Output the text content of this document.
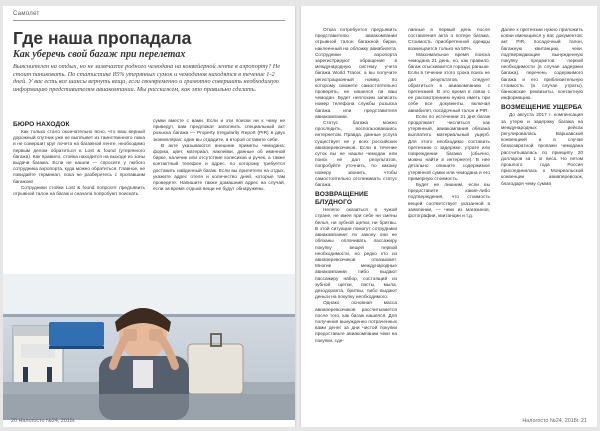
Самолет
Где наша пропадала
Как уберечь свой багаж при перелетах

Выяснителен на отдых, но не замечаете родного чемодана на конвейерной ленте в аэропорту? Не стоит паниковать. По статистике 85% утерянных сумок и чемоданов находятся в течение 1-2 дней. У вас есть все шансы вернуть вещи, если своевременно и грамотно совершить необходимую информацию представителям авиакомпании. Мы расскажем, как это правильно сделать.

БЮРО НАХОДОК

Как только стало окончательно ясно, что ваш верный дорожный спутник уже не выплывет из таинственного люка и не совершит круг почета на багажной ленте, необходимо первым делом обратиться в Lost & found (утерянного багажа). Как правило, стойка находится на выходе из зоны выдачи багажа. Если не нашли — спросите у любого сотрудника аэропорта, куда можно обратиться. Главное, не покидайте терминал, пока не разберетесь с пропавшим багажом!

Сотрудники стойки Lost & found попросят предъявить отрывной талон на багаж и сначала попробуют поискать

сумки вместе с вами. Если и эти поиски ни к чему не приведут, вам предложат заполнить специальный акт розыска багажа — Property Irregularity Report (PIR) в двух экземплярах: один вы отдадите, а второй оставите себе.

В акте указываются внешние приметы чемодана: форма, цвет, материал, наклейки, данные об именной бирке, наличие или отсутствие колесиков и ручек, а также контактный телефон и адрес, по которому требуется доставить найденный багаж. Если вы прилетели на отдых, укажите адрес отеля и количество дней, которые там проведете. Напишите также домашний адрес на случай, если за время отдыха вещи не будут обнаружены.

20 Налогосто №24, 2018г.

Отказ потребуется предъявить представителю авиакомпании отрывной талон багажной бирки, наклеенный на обложку авиабилета. Сотрудники аэропорта зарегистрируют обращение в международную систему учета багажа World Tracer, а вы получите регистрационный номер, по которому сможете самостоятельно проверять, не нашелся ли ваш чемодан. Будет неплохим записать номер телефона службы розыска багажа или представителя авиакомпании.

Статус багажа можно проследить, воспользовавшись интернетом. Правда, данные услуга существует не у всех российских авиаперевозчиков. Если в течение суток вы не нашли чемодан или поиск не дал результатов, попробуйте уточнить, по какому номеру звонить, чтобы самостоятельно отслеживать статус багажа.

ВОЗВРАЩЕНИЕ БЛУДНОГО

Нелепо оказаться в чужой стране, не имея при себе ни смены белья, ни зубной щетки, ни бритвы. В этой ситуации помогут сотрудники авиакомпании: по закону они не обязаны оплачивать пассажиру покупку вещей первой необходимости, но редко кто из авиаперевозчиков отказывает. Многие международные авиакомпании либо выдают пассажиру набор, состоящий из зубной щетки, пасты, мыла, дезодоранта, бритвы, либо выдают деньги на покупку необходимого.

Однако основная масса авиаперевозчиков рассчитывается после того, как багаж нашелся. Для получения вынужденно потраченных вами денег за дни чистой покупки предоставьте авиакомпании чеки на покупки, сде-

ланные в первый день после составления акта о потере багажа. Стоимость приобретенной одежды возмещается только на 50%.

Максимальное время поиска чемодана 21 день, но, как правило, багаж отыскивается гораздо раньше. Если в течение этого срока поиск не дал результатов, следует обратиться в авиакомпанию с претензией. В это время в связи с ее рассмотрением нужно иметь при себе все документы, включая авиабилет, посадочный талон и PIR.

Если по истечении 21 дня багаж продолжает числиться как утерянный, авиакомпания обязана выплатить материальный ущерб. Для этого необходимо составить претензию о задержке, утрате или повреждении багажа (обычно, можно найти в интернете). В нее детально опишите содержимое утерянной сумки или чемодана и его примерную стоимость.

Будет не лишним, если вы предоставите какие-либо подтверждения, что стоимость вещей соответствует указанной в заявлении, — чеки из магазинов, фотографии, квитанции и т.д.

Далее к претензии нужно приложить копии имеющихся у вас документов: акт PIR, посадочный талон, багажную квитанцию, чеки, подтверждающие вынужденную покупку предметов первой необходимости (в случае задержки багажа), перечень содержимого багажа и его приблизительную стоимость (в случае утраты), банковские реквизиты, контактную информацию.

ВОЗМЕЩЕНИЕ УЩЕРБА

До августа 2017 г. компенсация за утерю и задержку багажа на международных рейсах регулировалась Варшавской конвенцией и в случае безвозвратной пропажи чемодана рассчитывалась по принципу 20 долларов за 1 кг веса. Но летом прошлого года Россия присоединилась к Монреальской конвенции авиаперевозок, благодаря чему сумма

Налогосто №24, 2018г. 21
